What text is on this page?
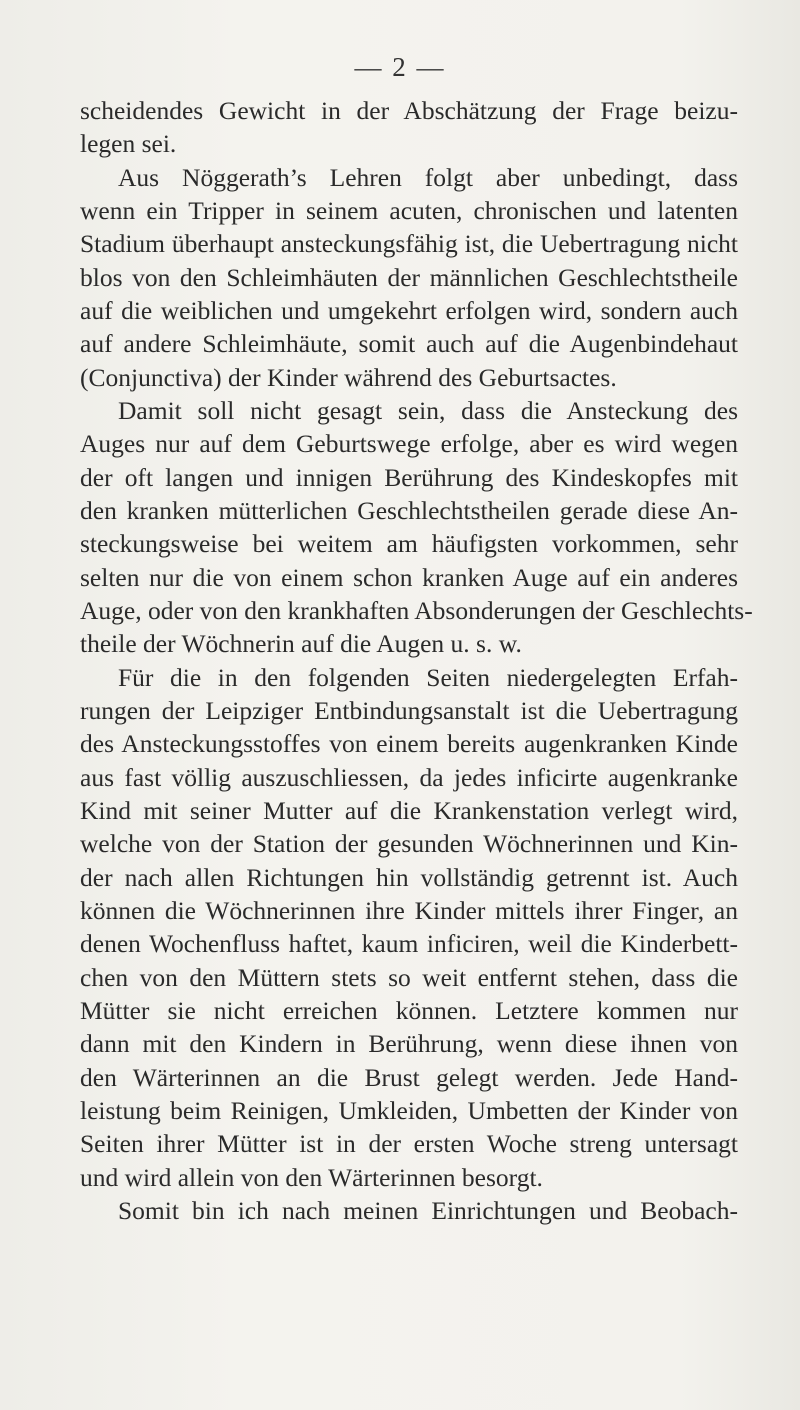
— 2 —
scheidendes Gewicht in der Abschätzung der Frage beizu-
legen sei.
Aus Nöggerath’s Lehren folgt aber unbedingt, dass
wenn ein Tripper in seinem acuten, chronischen und latenten
Stadium überhaupt ansteckungsfähig ist, die Uebertragung nicht
blos von den Schleimhäuten der männlichen Geschlechtstheile
auf die weiblichen und umgekehrt erfolgen wird, sondern auch
auf andere Schleimhäute, somit auch auf die Augenbindehaut
(Conjunctiva) der Kinder während des Geburtsactes.
Damit soll nicht gesagt sein, dass die Ansteckung des
Auges nur auf dem Geburtswege erfolge, aber es wird wegen
der oft langen und innigen Berührung des Kindeskopfes mit
den kranken mütterlichen Geschlechtstheilen gerade diese An-
steckungsweise bei weitem am häufigsten vorkommen, sehr
selten nur die von einem schon kranken Auge auf ein anderes
Auge, oder von den krankhaften Absonderungen der Geschlechts-
theile der Wöchnerin auf die Augen u. s. w.
Für die in den folgenden Seiten niedergelegten Erfah-
rungen der Leipziger Entbindungsanstalt ist die Uebertragung
des Ansteckungsstoffes von einem bereits augenkranken Kinde
aus fast völlig auszuschliessen, da jedes inficirte augenkranke
Kind mit seiner Mutter auf die Krankenstation verlegt wird,
welche von der Station der gesunden Wöchnerinnen und Kin-
der nach allen Richtungen hin vollständig getrennt ist. Auch
können die Wöchnerinnen ihre Kinder mittels ihrer Finger, an
denen Wochenfluss haftet, kaum inficiren, weil die Kinderbett-
chen von den Müttern stets so weit entfernt stehen, dass die
Mütter sie nicht erreichen können. Letztere kommen nur
dann mit den Kindern in Berührung, wenn diese ihnen von
den Wärterinnen an die Brust gelegt werden. Jede Hand-
leistung beim Reinigen, Umkleiden, Umbetten der Kinder von
Seiten ihrer Mütter ist in der ersten Woche streng untersagt
und wird allein von den Wärterinnen besorgt.
Somit bin ich nach meinen Einrichtungen und Beobach-
